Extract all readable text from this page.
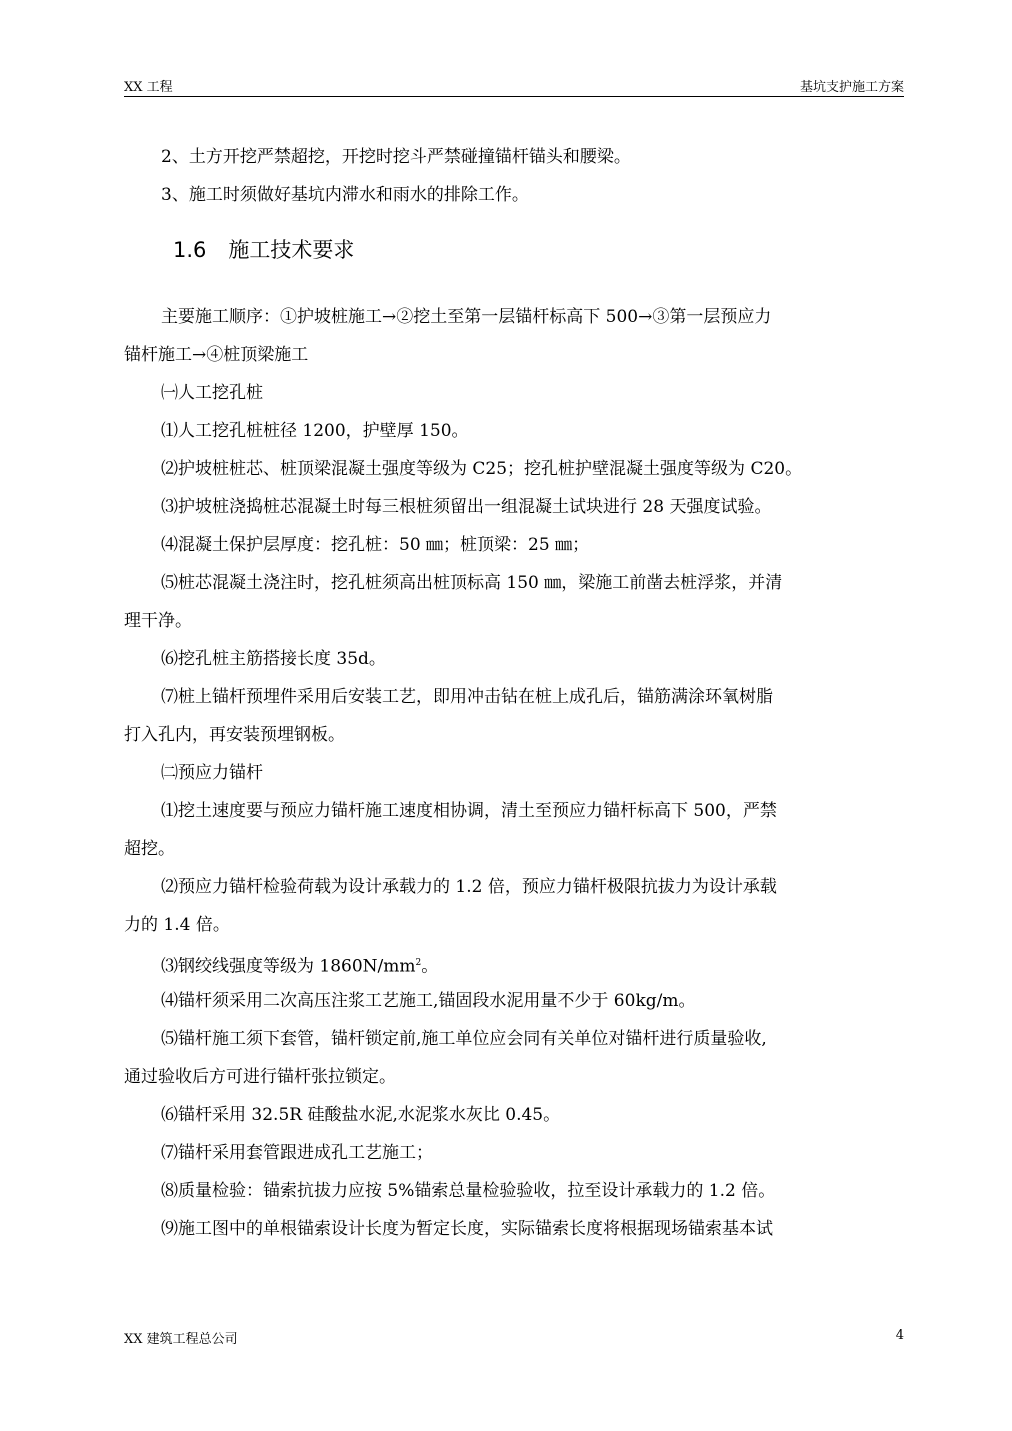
XX 工程	基坑支护施工方案
2、土方开挖严禁超挖，开挖时挖斗严禁碰撞锚杆锚头和腰梁。
3、施工时须做好基坑内滞水和雨水的排除工作。
1.6 施工技术要求
主要施工顺序：①护坡桩施工→②挖土至第一层锚杆标高下 500→③第一层预应力
锚杆施工→④桩顶梁施工
㈠人工挖孔桩
⑴人工挖孔桩桩径 1200，护壁厚 150。
⑵护坡桩桩芯、桩顶梁混凝土强度等级为 C25；挖孔桩护壁混凝土强度等级为 C20。
⑶护坡桩浇捣桩芯混凝土时每三根桩须留出一组混凝土试块进行 28 天强度试验。
⑷混凝土保护层厚度：挖孔桩：50 ㎜；桩顶梁：25 ㎜；
⑸桩芯混凝土浇注时，挖孔桩须高出桩顶标高 150 ㎜，梁施工前凿去桩浮浆，并清
理干净。
⑹挖孔桩主筋搭接长度 35d。
⑺桩上锚杆预埋件采用后安装工艺，即用冲击钻在桩上成孔后，锚筋满涂环氧树脂
打入孔内，再安装预埋钢板。
㈡预应力锚杆
⑴挖土速度要与预应力锚杆施工速度相协调，清土至预应力锚杆标高下 500，严禁
超挖。
⑵预应力锚杆检验荷载为设计承载力的 1.2 倍，预应力锚杆极限抗拔力为设计承载
力的 1.4 倍。
⑶钢绞线强度等级为 $1860N/mm^2$。
⑷锚杆须采用二次高压注浆工艺施工,锚固段水泥用量不少于 60kg/m。
⑸锚杆施工须下套管，锚杆锁定前,施工单位应会同有关单位对锚杆进行质量验收,
通过验收后方可进行锚杆张拉锁定。
⑹锚杆采用 32.5R 硅酸盐水泥,水泥浆水灰比 0.45。
⑺锚杆采用套管跟进成孔工艺施工；
⑻质量检验：锚索抗拔力应按 5%锚索总量检验验收，拉至设计承载力的 1.2 倍。
⑼施工图中的单根锚索设计长度为暂定长度，实际锚索长度将根据现场锚索基本试
XX 建筑工程总公司	4
